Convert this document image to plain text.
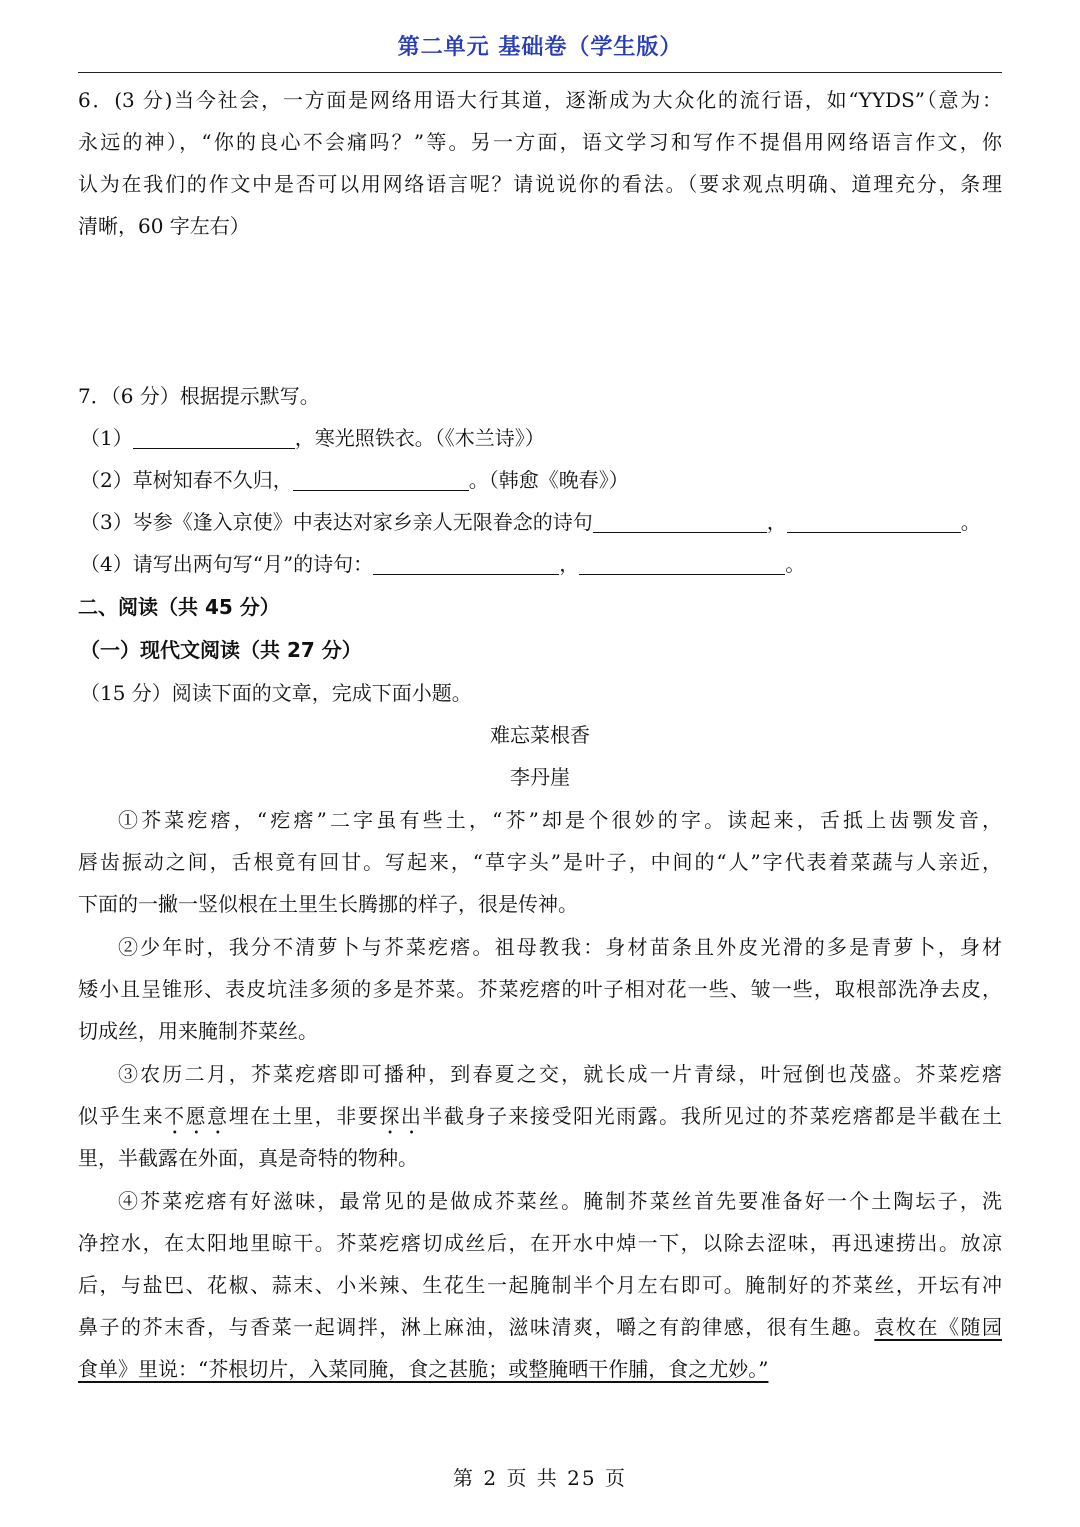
第二单元 基础卷（学生版）
6．(3 分)当今社会，一方面是网络用语大行其道，逐渐成为大众化的流行语，如“YYDS”（意为：
永远的神），“你的良心不会痛吗？”等。另一方面，语文学习和写作不提倡用网络语言作文，你
认为在我们的作文中是否可以用网络语言呢？请说说你的看法。（要求观点明确、道理充分，条理
清晰，60 字左右）
7．（6 分）根据提示默写。
（1）	，寒光照铁衣。（《木兰诗》）
（2）草树知春不久归，	。（韩愈《晚春》）
（3）岑参《逢入京使》中表达对家乡亲人无限眷念的诗句	，	。
（4）请写出两句写“月”的诗句：	，	。
二、阅读（共 45 分）
（一）现代文阅读（共 27 分）
（15 分）阅读下面的文章，完成下面小题。
难忘菜根香
李丹崖
①芥菜疙瘩，“疙瘩”二字虽有些土，“芥”却是个很妙的字。读起来，舌抵上齿颚发音，
唇齿振动之间，舌根竟有回甘。写起来，“草字头”是叶子，中间的“人”字代表着菜蔬与人亲近，
下面的一撇一竖似根在土里生长腾挪的样子，很是传神。
②少年时，我分不清萝卜与芥菜疙瘩。祖母教我：身材苗条且外皮光滑的多是青萝卜，身材
矮小且呈锥形、表皮坑洼多须的多是芥菜。芥菜疙瘩的叶子相对花一些、皱一些，取根部洗净去皮，
切成丝，用来腌制芥菜丝。
③农历二月，芥菜疙瘩即可播种，到春夏之交，就长成一片青绿，叶冠倒也茂盛。芥菜疙瘩
似乎生来不愿意埋在土里，非要探出半截身子来接受阳光雨露。我所见过的芥菜疙瘩都是半截在土
里，半截露在外面，真是奇特的物种。
④芥菜疙瘩有好滋味，最常见的是做成芥菜丝。腌制芥菜丝首先要准备好一个土陶坛子，洗
净控水，在太阳地里晾干。芥菜疙瘩切成丝后，在开水中焯一下，以除去涩味，再迅速捞出。放凉
后，与盐巴、花椒、蒜末、小米辣、生花生一起腌制半个月左右即可。腌制好的芥菜丝，开坛有冲
鼻子的芥末香，与香菜一起调拌，淋上麻油，滋味清爽，嚼之有韵律感，很有生趣。袁枚在《随园
食单》里说：“芥根切片，入菜同腌，食之甚脆；或整腌晒干作脯，食之尤妙。”
第 2 页 共 25 页
